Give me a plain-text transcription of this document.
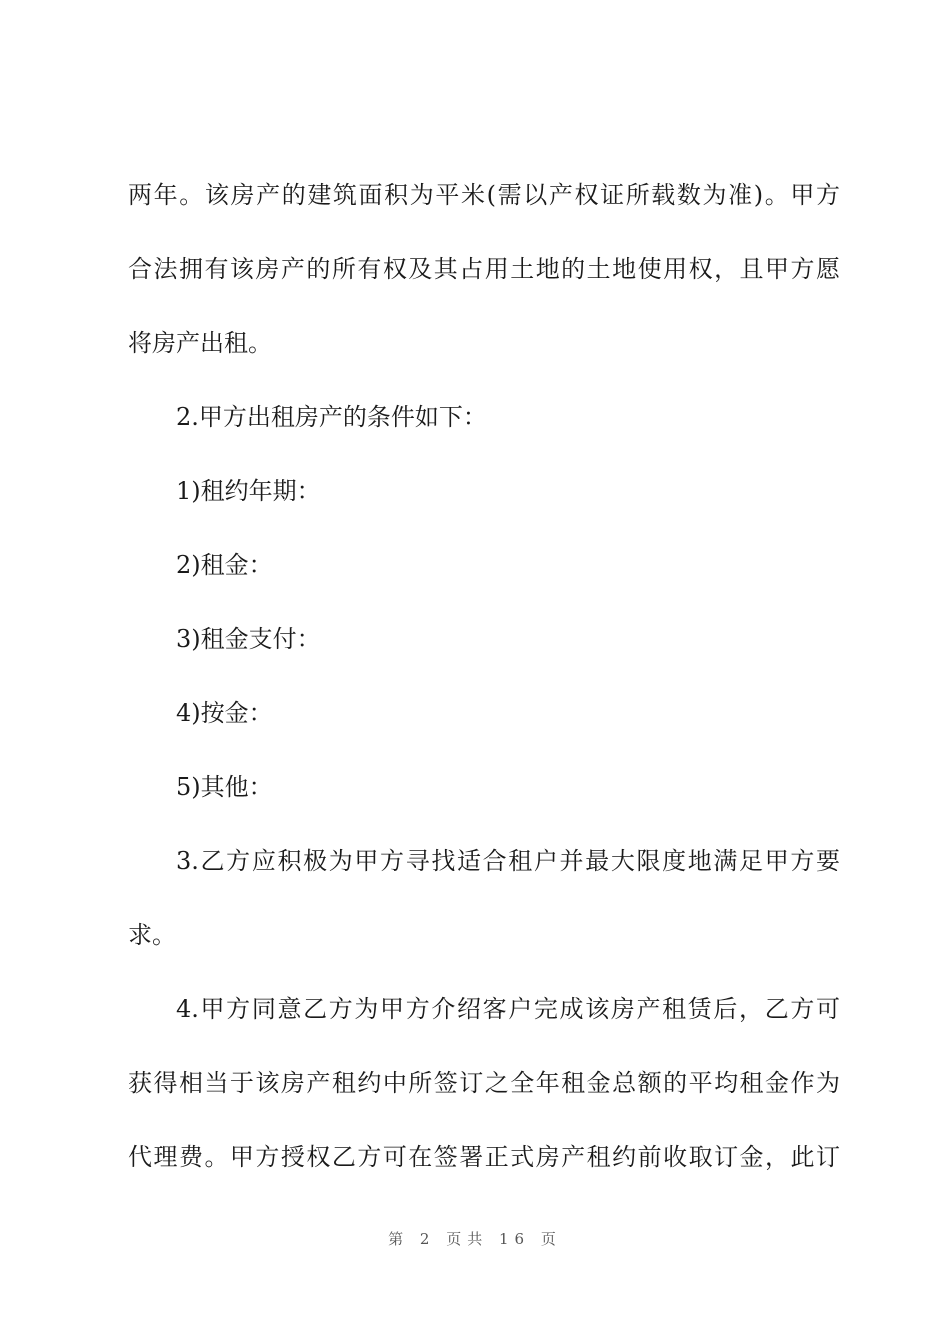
两年。该房产的建筑面积为平米(需以产权证所载数为准)。甲方
合法拥有该房产的所有权及其占用土地的土地使用权，且甲方愿
将房产出租。
2.甲方出租房产的条件如下：
1)租约年期：
2)租金：
3)租金支付：
4)按金：
5)其他：
3.乙方应积极为甲方寻找适合租户并最大限度地满足甲方要
求。
4.甲方同意乙方为甲方介绍客户完成该房产租赁后，乙方可
获得相当于该房产租约中所签订之全年租金总额的平均租金作为
代理费。甲方授权乙方可在签署正式房产租约前收取订金，此订
第 2 页共 16 页
